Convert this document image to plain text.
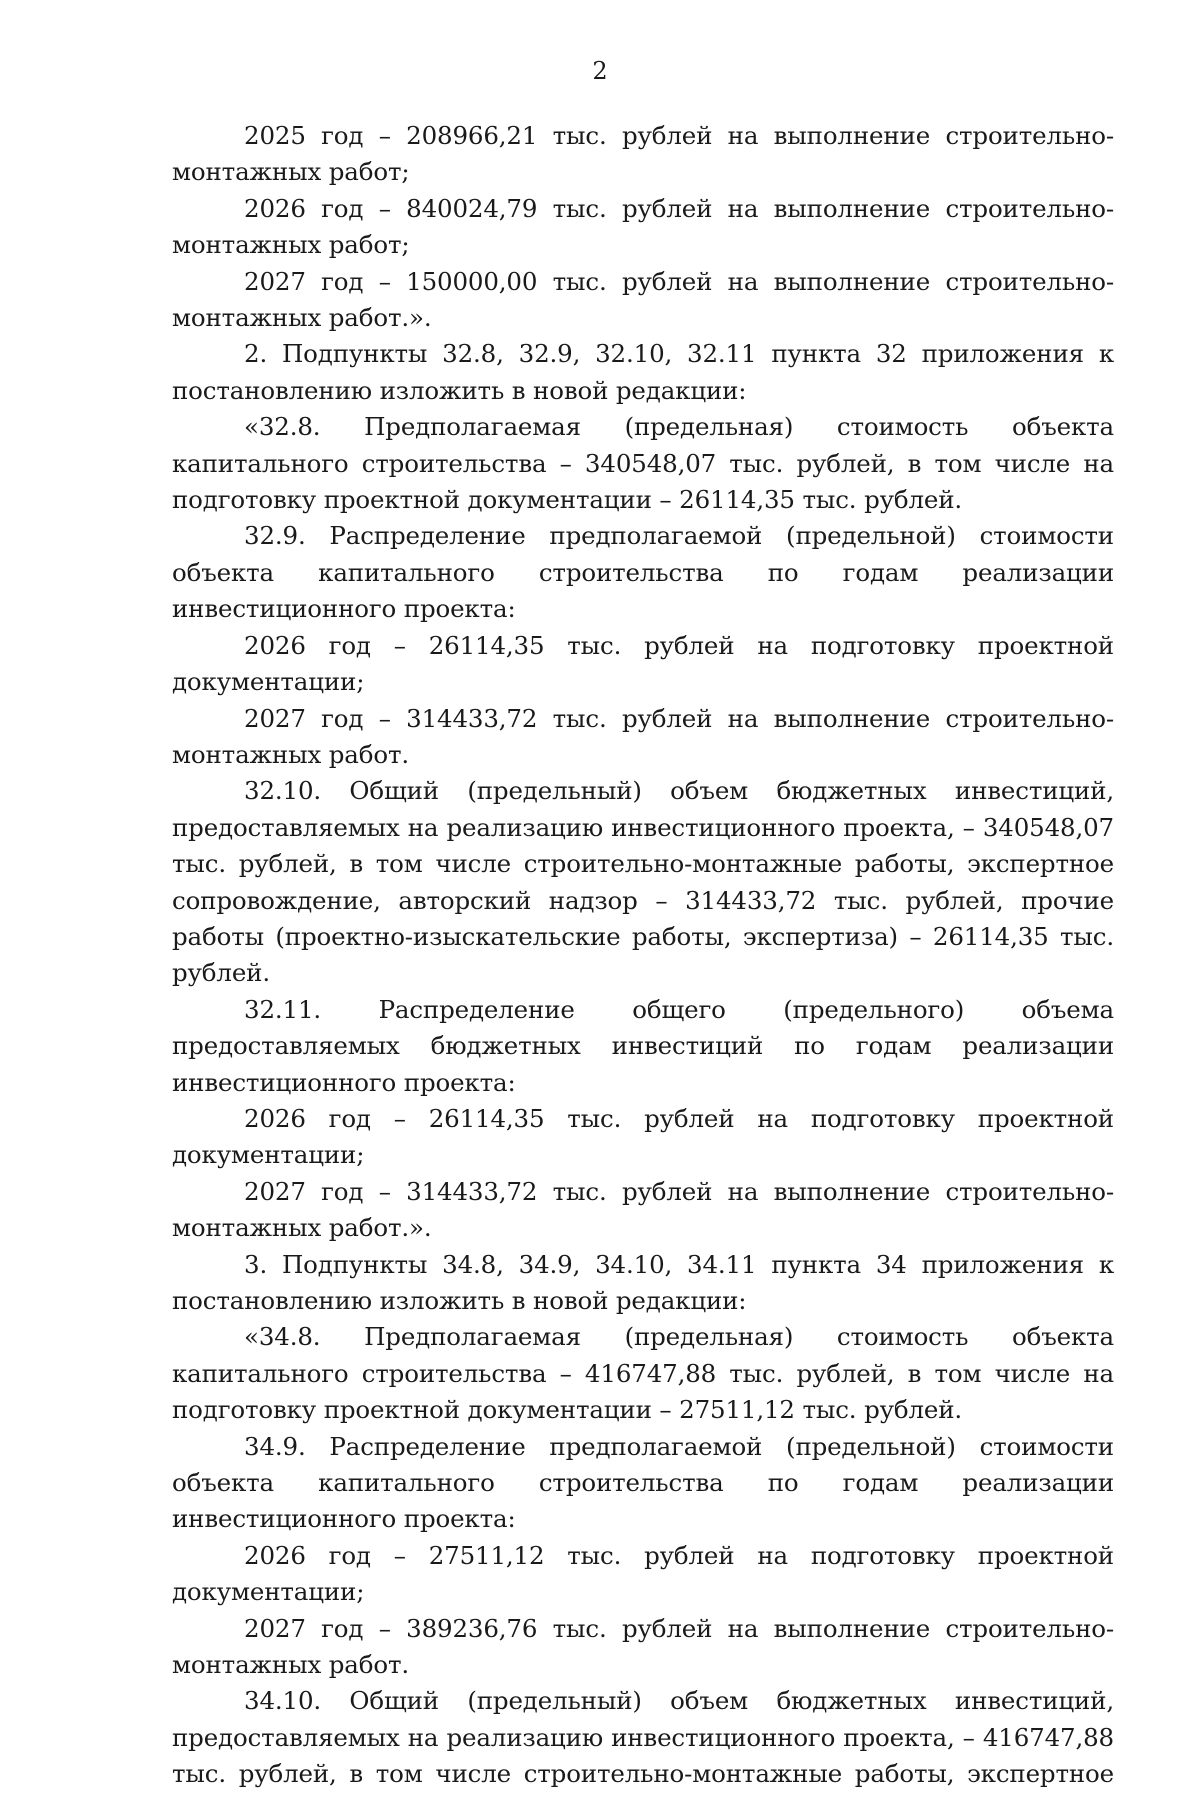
2

2025 год – 208966,21 тыс. рублей на выполнение строительно-монтажных работ;

2026 год – 840024,79 тыс. рублей на выполнение строительно-монтажных работ;

2027 год – 150000,00 тыс. рублей на выполнение строительно-монтажных работ.».

2. Подпункты 32.8, 32.9, 32.10, 32.11 пункта 32 приложения к постановлению изложить в новой редакции:

«32.8. Предполагаемая (предельная) стоимость объекта капитального строительства – 340548,07 тыс. рублей, в том числе на подготовку проектной документации – 26114,35 тыс. рублей.

32.9. Распределение предполагаемой (предельной) стоимости объекта капитального строительства по годам реализации инвестиционного проекта:

2026 год – 26114,35 тыс. рублей на подготовку проектной документации;

2027 год – 314433,72 тыс. рублей на выполнение строительно-монтажных работ.

32.10. Общий (предельный) объем бюджетных инвестиций, предоставляемых на реализацию инвестиционного проекта, – 340548,07 тыс. рублей, в том числе строительно-монтажные работы, экспертное сопровождение, авторский надзор – 314433,72 тыс. рублей, прочие работы (проектно-изыскательские работы, экспертиза) – 26114,35 тыс. рублей.

32.11. Распределение общего (предельного) объема предоставляемых бюджетных инвестиций по годам реализации инвестиционного проекта:

2026 год – 26114,35 тыс. рублей на подготовку проектной документации;

2027 год – 314433,72 тыс. рублей на выполнение строительно-монтажных работ.».

3. Подпункты 34.8, 34.9, 34.10, 34.11 пункта 34 приложения к постановлению изложить в новой редакции:

«34.8. Предполагаемая (предельная) стоимость объекта капитального строительства – 416747,88 тыс. рублей, в том числе на подготовку проектной документации – 27511,12 тыс. рублей.

34.9. Распределение предполагаемой (предельной) стоимости объекта капитального строительства по годам реализации инвестиционного проекта:

2026 год – 27511,12 тыс. рублей на подготовку проектной документации;

2027 год – 389236,76 тыс. рублей на выполнение строительно-монтажных работ.

34.10. Общий (предельный) объем бюджетных инвестиций, предоставляемых на реализацию инвестиционного проекта, – 416747,88 тыс. рублей, в том числе строительно-монтажные работы, экспертное
